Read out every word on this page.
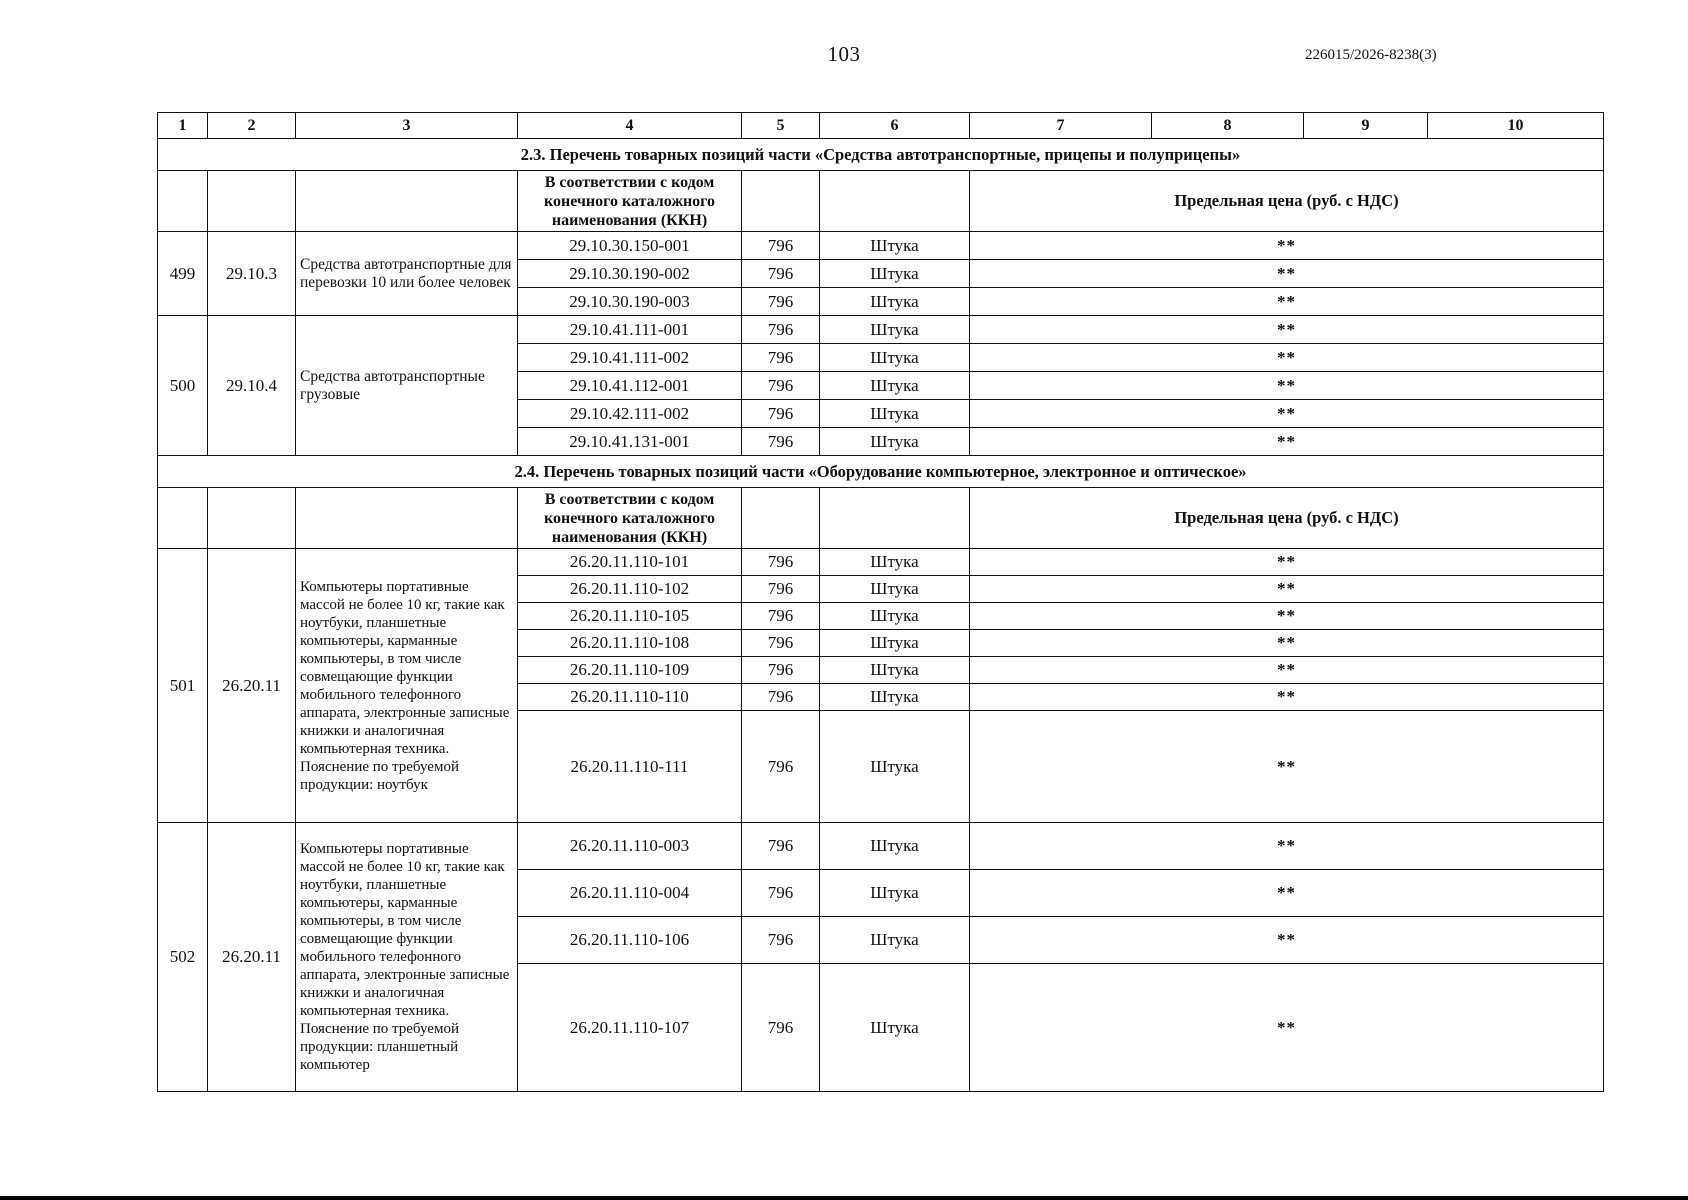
103	226015/2026-8238(3)
1	2	3	4	5	6	7	8	9	10
2.3. Перечень товарных позиций части «Средства автотранспортные, прицепы и полуприцепы»									
			В соответствии с кодом конечного каталожного наименования (ККН)			Предельная цена (руб. с НДС)			
499	29.10.3	Средства автотранспортные для перевозки 10 или более человек	29.10.30.150-001	796	Штука	**			
			29.10.30.190-002	796	Штука	**			
			29.10.30.190-003	796	Штука	**			
500	29.10.4	Средства автотранспортные грузовые	29.10.41.111-001	796	Штука	**			
			29.10.41.111-002	796	Штука	**			
			29.10.41.112-001	796	Штука	**			
			29.10.42.111-002	796	Штука	**			
			29.10.41.131-001	796	Штука	**			
2.4. Перечень товарных позиций части «Оборудование компьютерное, электронное и оптическое»									
			В соответствии с кодом конечного каталожного наименования (ККН)			Предельная цена (руб. с НДС)			
501	26.20.11	Компьютеры портативные массой не более 10 кг, такие как ноутбуки, планшетные компьютеры, карманные компьютеры, в том числе совмещающие функции мобильного телефонного аппарата, электронные записные книжки и аналогичная компьютерная техника. Пояснение по требуемой продукции: ноутбук	26.20.11.110-101	796	Штука	**			
			26.20.11.110-102	796	Штука	**			
			26.20.11.110-105	796	Штука	**			
			26.20.11.110-108	796	Штука	**			
			26.20.11.110-109	796	Штука	**			
			26.20.11.110-110	796	Штука	**			
			26.20.11.110-111	796	Штука	**			
502	26.20.11	Компьютеры портативные массой не более 10 кг, такие как ноутбуки, планшетные компьютеры, карманные компьютеры, в том числе совмещающие функции мобильного телефонного аппарата, электронные записные книжки и аналогичная компьютерная техника. Пояснение по требуемой продукции: планшетный компьютер	26.20.11.110-003	796	Штука	**			
			26.20.11.110-004	796	Штука	**			
			26.20.11.110-106	796	Штука	**			
			26.20.11.110-107	796	Штука	**			
